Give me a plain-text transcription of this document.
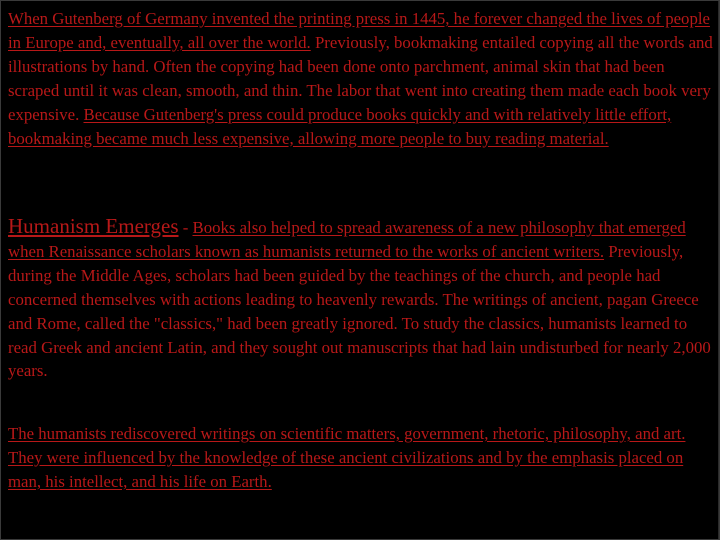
When Gutenberg of Germany invented the printing press in 1445, he forever changed the lives of people in Europe and, eventually, all over the world. Previously, bookmaking entailed copying all the words and illustrations by hand. Often the copying had been done onto parchment, animal skin that had been scraped until it was clean, smooth, and thin. The labor that went into creating them made each book very expensive. Because Gutenberg's press could produce books quickly and with relatively little effort, bookmaking became much less expensive, allowing more people to buy reading material.

Humanism Emerges - Books also helped to spread awareness of a new philosophy that emerged when Renaissance scholars known as humanists returned to the works of ancient writers. Previously, during the Middle Ages, scholars had been guided by the teachings of the church, and people had concerned themselves with actions leading to heavenly rewards. The writings of ancient, pagan Greece and Rome, called the "classics," had been greatly ignored. To study the classics, humanists learned to read Greek and ancient Latin, and they sought out manuscripts that had lain undisturbed for nearly 2,000 years.

The humanists rediscovered writings on scientific matters, government, rhetoric, philosophy, and art. They were influenced by the knowledge of these ancient civilizations and by the emphasis placed on man, his intellect, and his life on Earth.
